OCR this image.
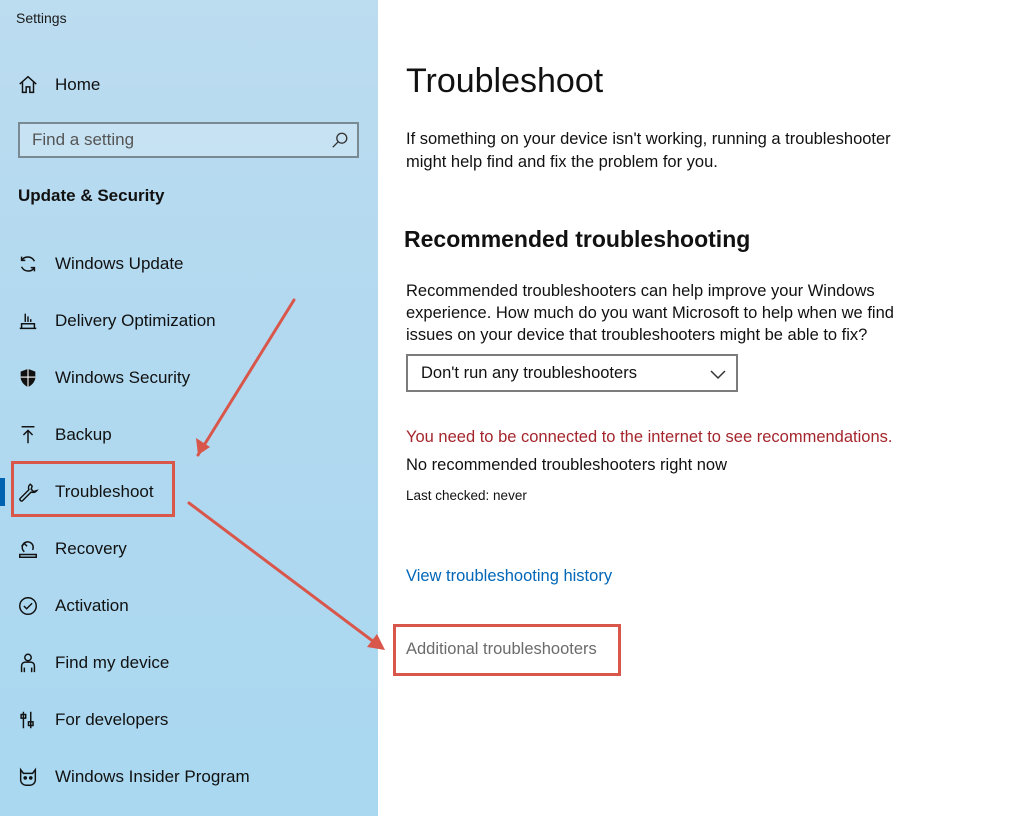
Settings
Home
Find a setting
Update & Security
Windows Update
Delivery Optimization
Windows Security
Backup
Troubleshoot
Recovery
Activation
Find my device
For developers
Windows Insider Program
Troubleshoot

If something on your device isn't working, running a troubleshooter might help find and fix the problem for you.

Recommended troubleshooting

Recommended troubleshooters can help improve your Windows experience. How much do you want Microsoft to help when we find issues on your device that troubleshooters might be able to fix?

Don't run any troubleshooters
You need to be connected to the internet to see recommendations.
No recommended troubleshooters right now
Last checked: never
View troubleshooting history
Additional troubleshooters
